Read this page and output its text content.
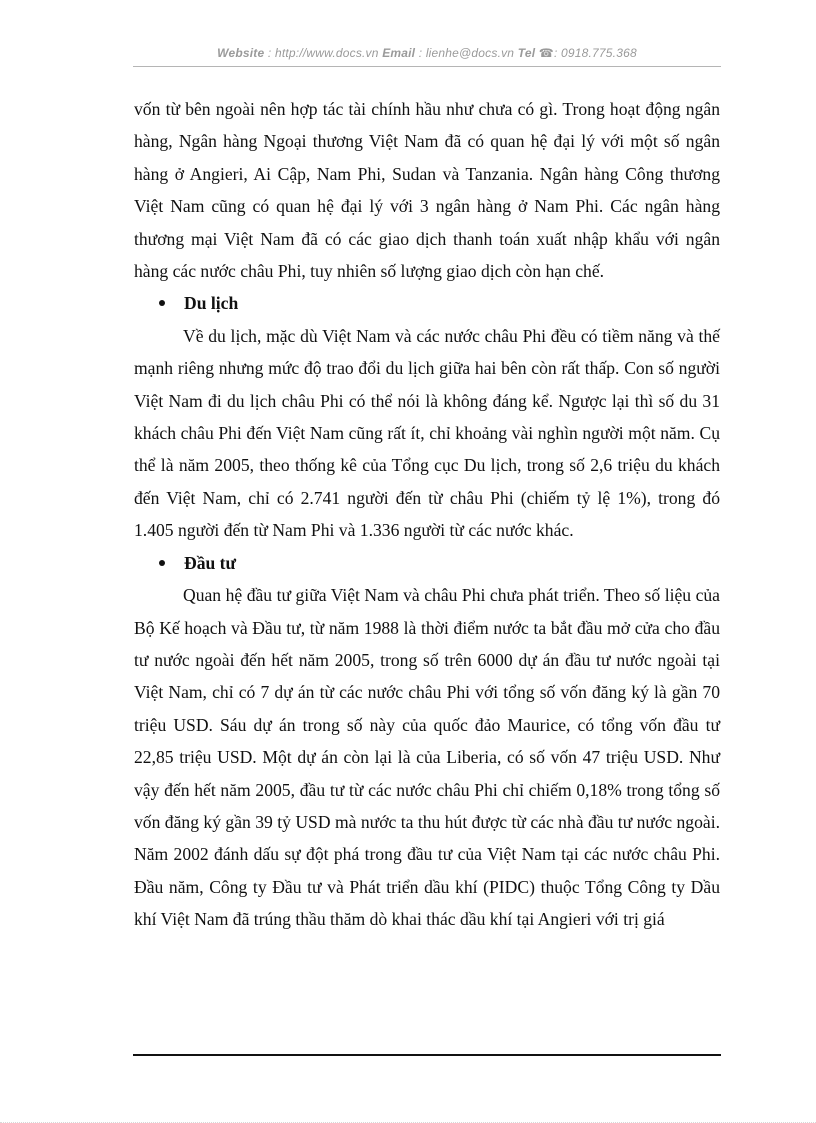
Website : http://www.docs.vn Email : lienhe@docs.vn Tel ☎: 0918.775.368

vốn từ bên ngoài nên hợp tác tài chính hầu như chưa có gì. Trong hoạt động ngân hàng, Ngân hàng Ngoại thương Việt Nam đã có quan hệ đại lý với một số ngân hàng ở Angieri, Ai Cập, Nam Phi, Sudan và Tanzania. Ngân hàng Công thương Việt Nam cũng có quan hệ đại lý với 3 ngân hàng ở Nam Phi. Các ngân hàng thương mại Việt Nam đã có các giao dịch thanh toán xuất nhập khẩu với ngân hàng các nước châu Phi, tuy nhiên số lượng giao dịch còn hạn chế.

Du lịch

Về du lịch, mặc dù Việt Nam và các nước châu Phi đều có tiềm năng và thế mạnh riêng nhưng mức độ trao đổi du lịch giữa hai bên còn rất thấp. Con số người Việt Nam đi du lịch châu Phi có thể nói là không đáng kể. Ngược lại thì số du 31 khách châu Phi đến Việt Nam cũng rất ít, chỉ khoảng vài nghìn người một năm. Cụ thể là năm 2005, theo thống kê của Tổng cục Du lịch, trong số 2,6 triệu du khách đến Việt Nam, chỉ có 2.741 người đến từ châu Phi (chiếm tỷ lệ 1%), trong đó 1.405 người đến từ Nam Phi và 1.336 người từ các nước khác.

Đầu tư

Quan hệ đầu tư giữa Việt Nam và châu Phi chưa phát triển. Theo số liệu của Bộ Kế hoạch và Đầu tư, từ năm 1988 là thời điểm nước ta bắt đầu mở cửa cho đầu tư nước ngoài đến hết năm 2005, trong số trên 6000 dự án đầu tư nước ngoài tại Việt Nam, chỉ có 7 dự án từ các nước châu Phi với tổng số vốn đăng ký là gần 70 triệu USD. Sáu dự án trong số này của quốc đảo Maurice, có tổng vốn đầu tư 22,85 triệu USD. Một dự án còn lại là của Liberia, có số vốn 47 triệu USD. Như vậy đến hết năm 2005, đầu tư từ các nước châu Phi chỉ chiếm 0,18% trong tổng số vốn đăng ký gần 39 tỷ USD mà nước ta thu hút được từ các nhà đầu tư nước ngoài. Năm 2002 đánh dấu sự đột phá trong đầu tư của Việt Nam tại các nước châu Phi. Đầu năm, Công ty Đầu tư và Phát triển dầu khí (PIDC) thuộc Tổng Công ty Dầu khí Việt Nam đã trúng thầu thăm dò khai thác dầu khí tại Angieri với trị giá
